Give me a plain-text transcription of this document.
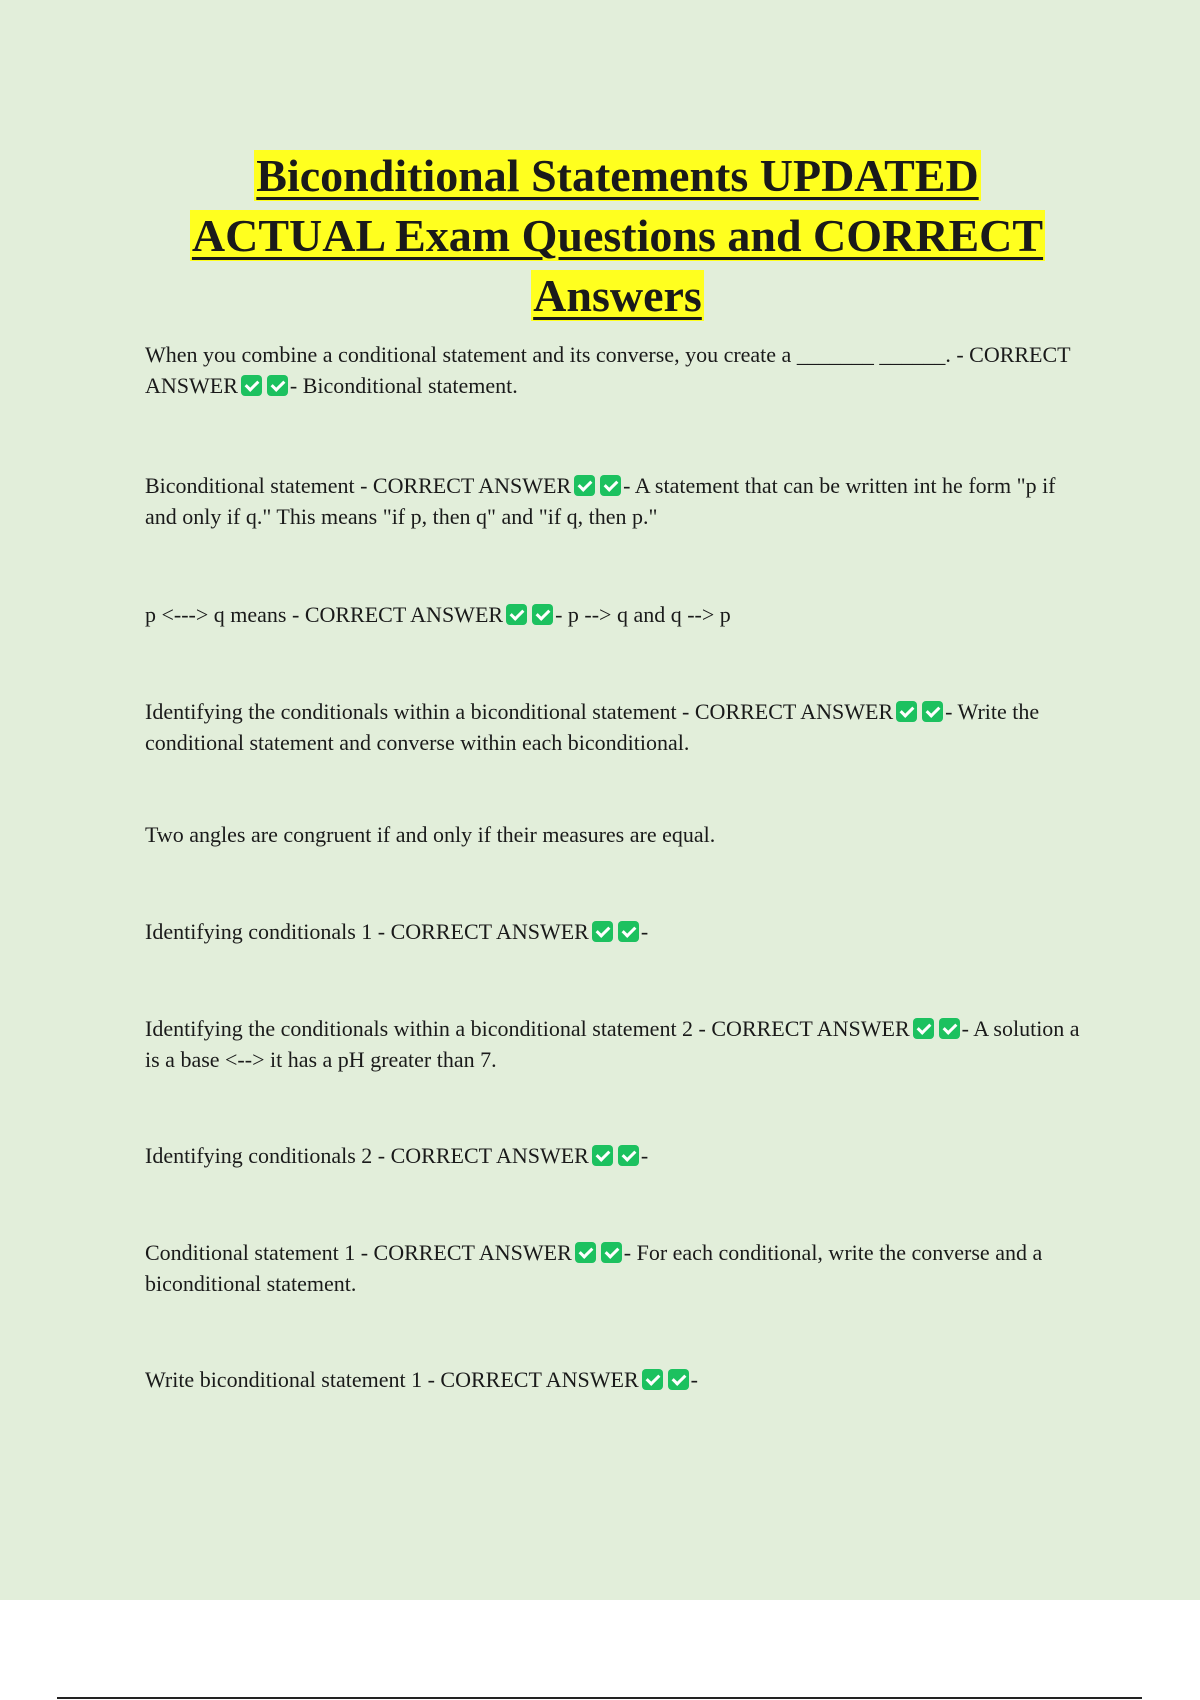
Biconditional Statements UPDATED

ACTUAL Exam Questions and CORRECT

Answers

When you combine a conditional statement and its converse, you create a _______ ______. - CORRECT ANSWER - Biconditional statement.

Biconditional statement - CORRECT ANSWER - A statement that can be written int he form "p if and only if q." This means "if p, then q" and "if q, then p."

p <---> q means - CORRECT ANSWER - p --> q and q --> p

Identifying the conditionals within a biconditional statement - CORRECT ANSWER - Write the conditional statement and converse within each biconditional.

Two angles are congruent if and only if their measures are equal.

Identifying conditionals 1 - CORRECT ANSWER -

Identifying the conditionals within a biconditional statement 2 - CORRECT ANSWER - A solution a is a base <--> it has a pH greater than 7.

Identifying conditionals 2 - CORRECT ANSWER -

Conditional statement 1 - CORRECT ANSWER - For each conditional, write the converse and a biconditional statement.

Write biconditional statement 1 - CORRECT ANSWER -
